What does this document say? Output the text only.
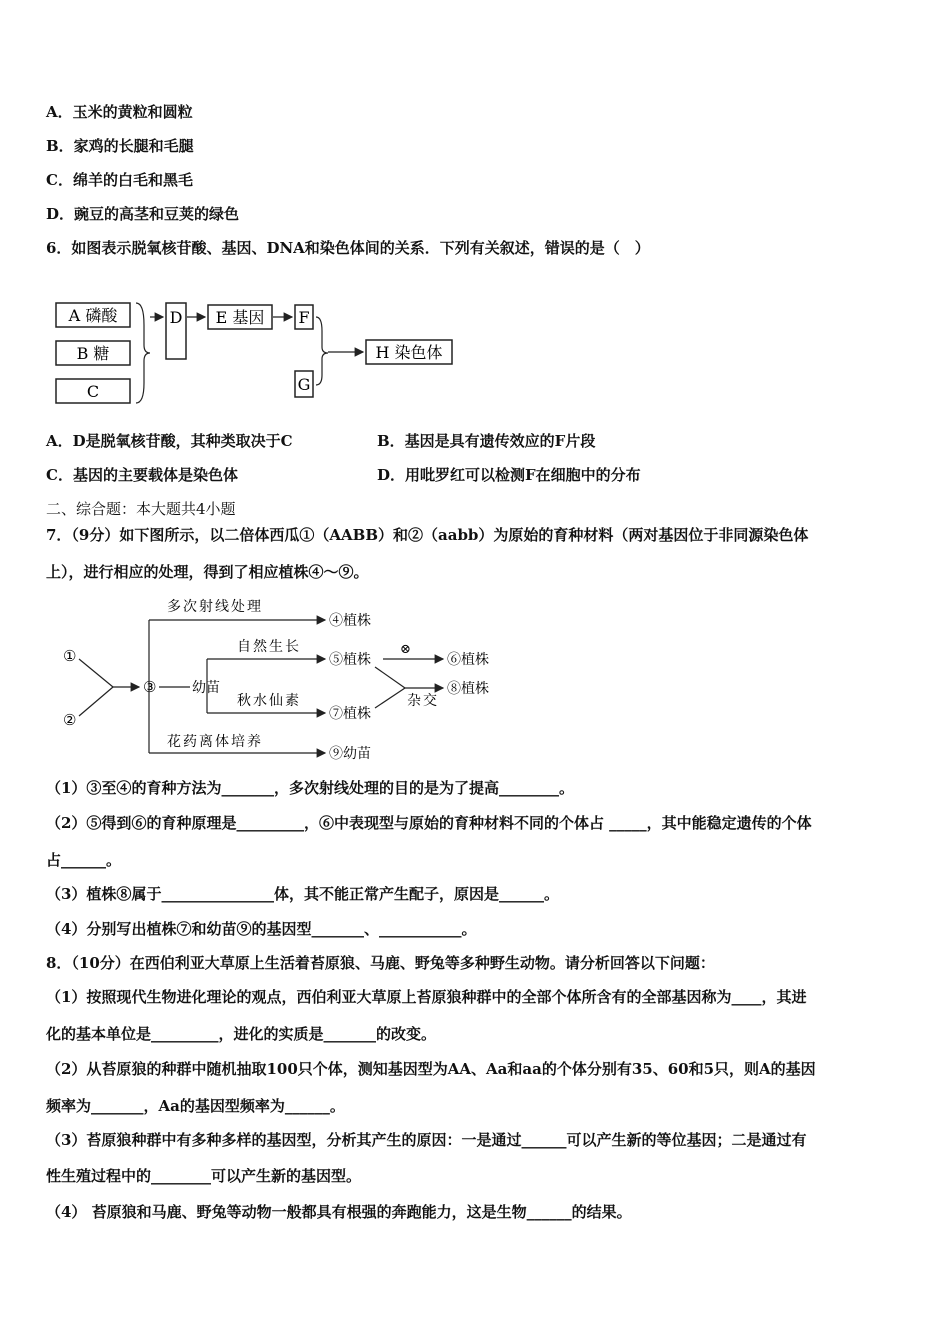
A．玉米的黄粒和圆粒
B．家鸡的长腿和毛腿
C．绵羊的白毛和黑毛
D．豌豆的高茎和豆荚的绿色
6．如图表示脱氧核苷酸、基因、DNA和染色体间的关系．下列有关叙述，错误的是（　）
A 磷酸
B 糖
C
D E 基因 F
G
H 染色体
A．D是脱氧核苷酸，其种类取决于C	B．基因是具有遗传效应的F片段
C．基因的主要载体是染色体	D．用吡罗红可以检测F在细胞中的分布
二、综合题：本大题共4小题
7．（9分）如下图所示，以二倍体西瓜①（AABB）和②（aabb）为原始的育种材料（两对基因位于非同源染色体
上），进行相应的处理，得到了相应植株④～⑨。
①
②
③	幼苗
多次射线处理
④植株
自然生长
⑤植株
秋水仙素
⑦植株
⊗
⑥植株
杂交
⑧植株
花药离体培养
⑨幼苗
（1）③至④的育种方法为_______，多次射线处理的目的是为了提高________。
（2）⑤得到⑥的育种原理是_________，⑥中表现型与原始的育种材料不同的个体占 _____，其中能稳定遗传的个体
占______。
（3）植株⑧属于_______________体，其不能正常产生配子，原因是______。
（4）分别写出植株⑦和幼苗⑨的基因型_______、___________。
8．（10分）在西伯利亚大草原上生活着苔原狼、马鹿、野兔等多种野生动物。请分析回答以下问题：
（1）按照现代生物进化理论的观点，西伯利亚大草原上苔原狼种群中的全部个体所含有的全部基因称为____，其进
化的基本单位是_________，进化的实质是_______的改变。
（2）从苔原狼的种群中随机抽取100只个体，测知基因型为AA、Aa和aa的个体分别有35、60和5只，则A的基因
频率为_______，Aa的基因型频率为______。
（3）苔原狼种群中有多种多样的基因型，分析其产生的原因：一是通过______可以产生新的等位基因；二是通过有
性生殖过程中的________可以产生新的基因型。
（4） 苔原狼和马鹿、野兔等动物一般都具有根强的奔跑能力，这是生物______的结果。
